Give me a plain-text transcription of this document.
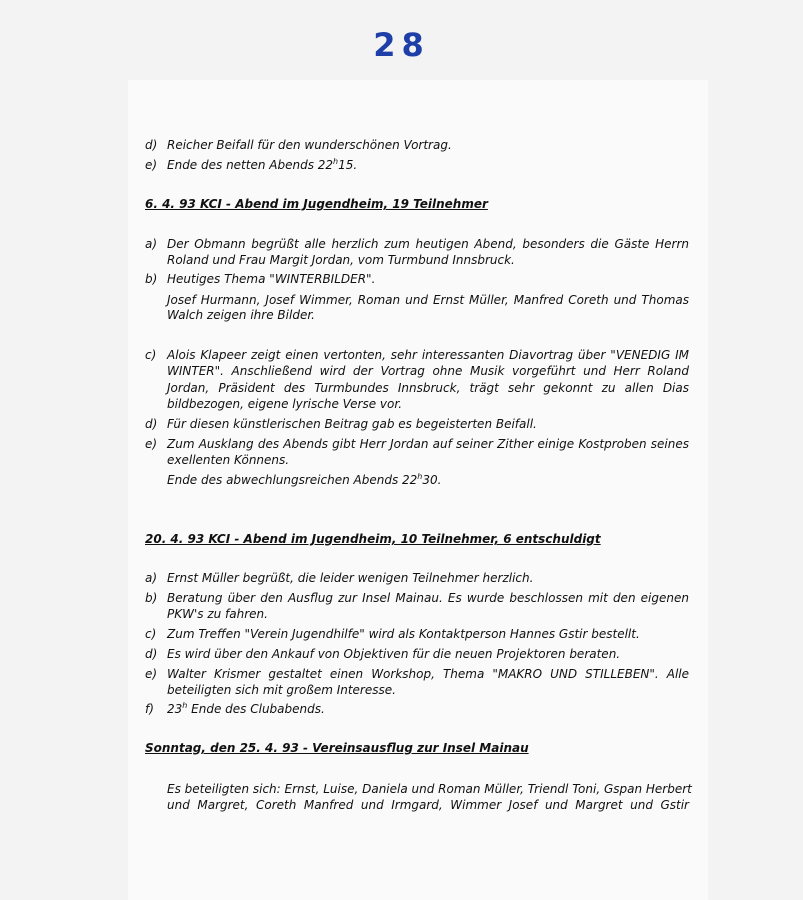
28
d) Reicher Beifall für den wunderschönen Vortrag.
e) Ende des netten Abends 22$^h$15.
6. 4. 93 KCI - Abend im Jugendheim, 19 Teilnehmer
a) Der Obmann begrüßt alle herzlich zum heutigen Abend, besonders die Gäste Herrn
Roland und Frau Margit Jordan, vom Turmbund Innsbruck.
b) Heutiges Thema "WINTERBILDER".
Josef Hurmann, Josef Wimmer, Roman und Ernst Müller, Manfred Coreth und Thomas
Walch zeigen ihre Bilder.
c) Alois Klapeer zeigt einen vertonten, sehr interessanten Diavortrag über "VENEDIG IM
WINTER". Anschließend wird der Vortrag ohne Musik vorgeführt und Herr Roland
Jordan, Präsident des Turmbundes Innsbruck, trägt sehr gekonnt zu allen Dias
bildbezogen, eigene lyrische Verse vor.
d) Für diesen künstlerischen Beitrag gab es begeisterten Beifall.
e) Zum Ausklang des Abends gibt Herr Jordan auf seiner Zither einige Kostproben seines
exellenten Könnens.
Ende des abwechlungsreichen Abends 22$^h$30.
20. 4. 93 KCI - Abend im Jugendheim, 10 Teilnehmer, 6 entschuldigt
a) Ernst Müller begrüßt, die leider wenigen Teilnehmer herzlich.
b) Beratung über den Ausflug zur Insel Mainau. Es wurde beschlossen mit den eigenen
PKW's zu fahren.
c) Zum Treffen "Verein Jugendhilfe" wird als Kontaktperson Hannes Gstir bestellt.
d) Es wird über den Ankauf von Objektiven für die neuen Projektoren beraten.
e) Walter Krismer gestaltet einen Workshop, Thema "MAKRO UND STILLEBEN". Alle
beteiligten sich mit großem Interesse.
f) 23$^h$ Ende des Clubabends.
Sonntag, den 25. 4. 93 - Vereinsausflug zur Insel Mainau
Es beteiligten sich: Ernst, Luise, Daniela und Roman Müller, Triendl Toni, Gspan Herbert
und Margret, Coreth Manfred und Irmgard, Wimmer Josef und Margret und Gstir
